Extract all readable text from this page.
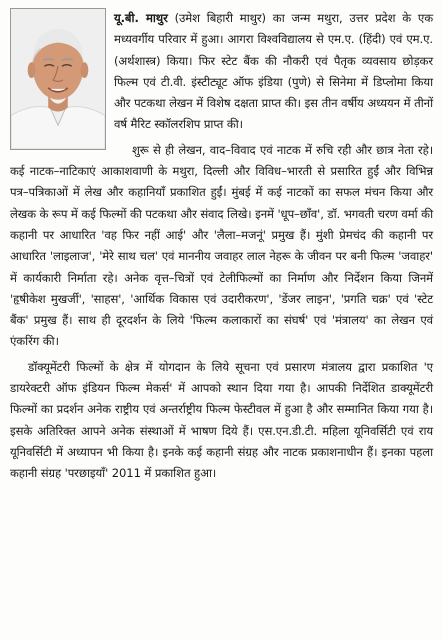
यू.बी. माथुर (उमेश बिहारी माथुर) का जन्म मथुरा, उत्तर प्रदेश के एक मध्यवर्गीय परिवार में हुआ। आगरा विश्वविद्यालय से एम.ए. (हिंदी) एवं एम.ए. (अर्थशास्त्र) किया। फिर स्टेट बैंक की नौकरी एवं पैतृक व्यवसाय छोड़कर फिल्म एवं टी.वी. इंस्टीट्यूट ऑफ इंडिया (पुणे) से सिनेमा में डिप्लोमा किया और पटकथा लेखन में विशेष दक्षता प्राप्त की। इस तीन वर्षीय अध्ययन में तीनों वर्ष मैरिट स्कॉलरशिप प्राप्त की।

शुरू से ही लेखन, वाद–विवाद एवं नाटक में रुचि रही और छात्र नेता रहे। कई नाटक–नाटिकाएं आकाशवाणी के मथुरा, दिल्ली और विविध–भारती से प्रसारित हुईं और विभिन्न पत्र–पत्रिकाओं में लेख और कहानियाँ प्रकाशित हुईं। मुंबई में कई नाटकों का सफल मंचन किया और लेखक के रूप में कई फिल्मों की पटकथा और संवाद लिखे। इनमें 'धूप–छाँव', डॉ. भगवती चरण वर्मा की कहानी पर आधारित 'वह फिर नहीं आई' और 'लैला–मजनूं' प्रमुख हैं। मुंशी प्रेमचंद की कहानी पर आधारित 'लाइलाज', 'मेरे साथ चल' एवं माननीय जवाहर लाल नेहरू के जीवन पर बनी फिल्म 'जवाहर' में कार्यकारी निर्माता रहे। अनेक वृत्त–चित्रों एवं टेलीफिल्मों का निर्माण और निर्देशन किया जिनमें 'हृषीकेश मुखर्जी', 'साहस', 'आर्थिक विकास एवं उदारीकरण', 'डेंजर लाइन', 'प्रगति चक्र' एवं 'स्टेट बैंक' प्रमुख हैं। साथ ही दूरदर्शन के लिये 'फिल्म कलाकारों का संघर्ष' एवं 'मंत्रालय' का लेखन एवं एंकरिंग की।

डॉक्यूमेंटरी फिल्मों के क्षेत्र में योगदान के लिये सूचना एवं प्रसारण मंत्रालय द्वारा प्रकाशित 'ए डायरेक्टरी ऑफ इंडियन फिल्म मेकर्स' में आपको स्थान दिया गया है। आपकी निर्देशित डाक्यूमेंटरी फिल्मों का प्रदर्शन अनेक राष्ट्रीय एवं अन्तर्राष्ट्रीय फिल्म फेस्टीवल में हुआ है और सम्मानित किया गया है। इसके अतिरिक्त आपने अनेक संस्थाओं में भाषण दिये हैं। एस.एन.डी.टी. महिला यूनिवर्सिटी एवं राय यूनिवर्सिटी में अध्यापन भी किया है। इनके कई कहानी संग्रह और नाटक प्रकाशनाधीन हैं। इनका पहला कहानी संग्रह 'परछाइयाँ' 2011 में प्रकाशित हुआ।
